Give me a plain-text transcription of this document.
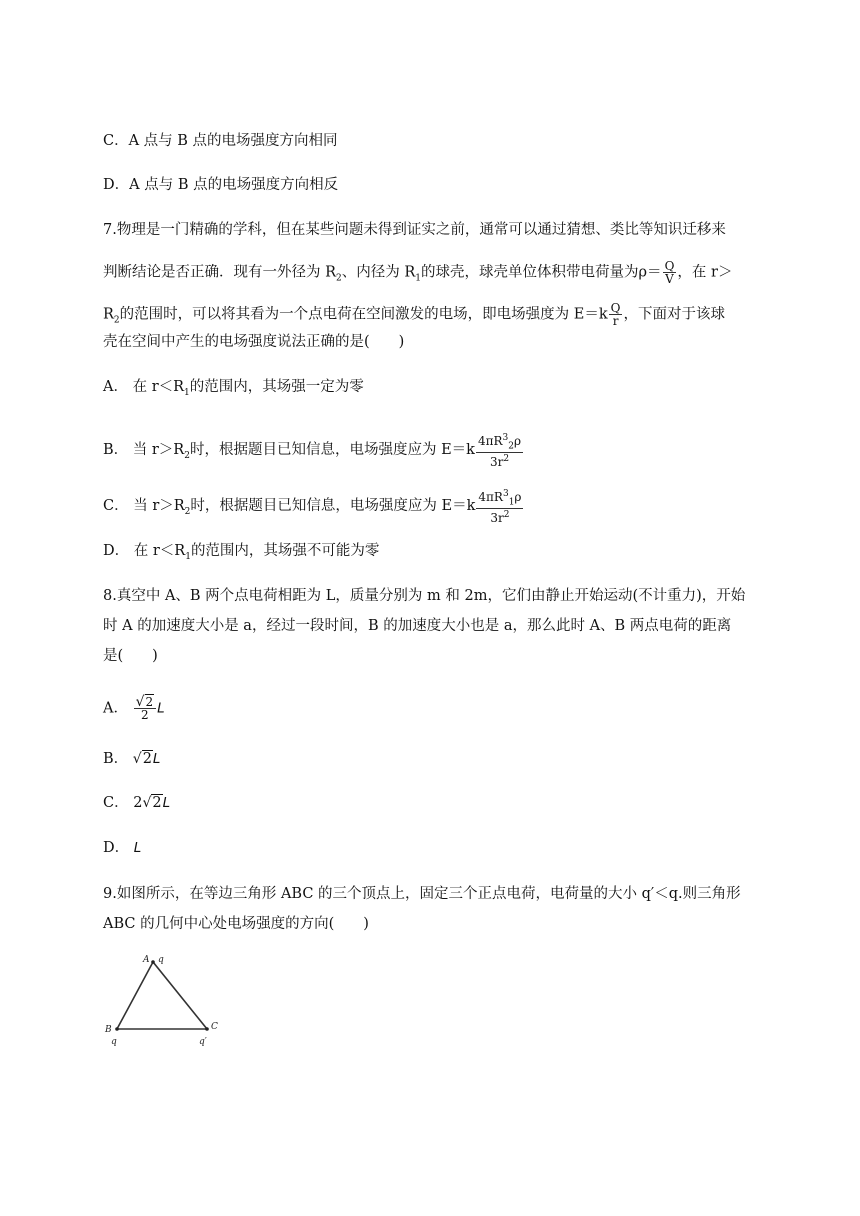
C．A 点与 B 点的电场强度方向相同
D．A 点与 B 点的电场强度方向相反
7.物理是一门精确的学科，但在某些问题未得到证实之前，通常可以通过猜想、类比等知识迁移来
判断结论是否正确．现有一外径为 $R_2$、内径为 $R_1$的球壳，球壳单位体积带电荷量为$\rho= \frac{Q}{V}$ ，在 r＞
$R_2$的范围时，可以将其看为一个点电荷在空间激发的电场，即电场强度为 $E=k \frac{Q}{r}$ ，下面对于该球
壳在空间中产生的电场强度说法正确的是(　　)
A． 在 $r<R_1$的范围内，其场强一定为零
B． 当 $r>R_2$时，根据题目已知信息，电场强度应为 $E=k \frac{4\pi R^3_2\rho}{3r^2}$
C． 当 $r>R_2$时，根据题目已知信息，电场强度应为 $E=k \frac{4\pi R^3_1\rho}{3r^2}$
D． 在 $r<R_1$的范围内，其场强不可能为零
8.真空中 A、B 两个点电荷相距为 L，质量分别为 m 和 2m，它们由静止开始运动(不计重力)，开始
时 A 的加速度大小是 a，经过一段时间，B 的加速度大小也是 a，那么此时 A、B 两点电荷的距离
是(　　)
A． $\frac{√2}{2}$ L
B． √2L
C． 2√2L
D． L
9.如图所示，在等边三角形 ABC 的三个顶点上，固定三个正点电荷，电荷量的大小 q′＜q.则三角形
ABC 的几何中心处电场强度的方向(　　)
A q
B
q
C
q′
